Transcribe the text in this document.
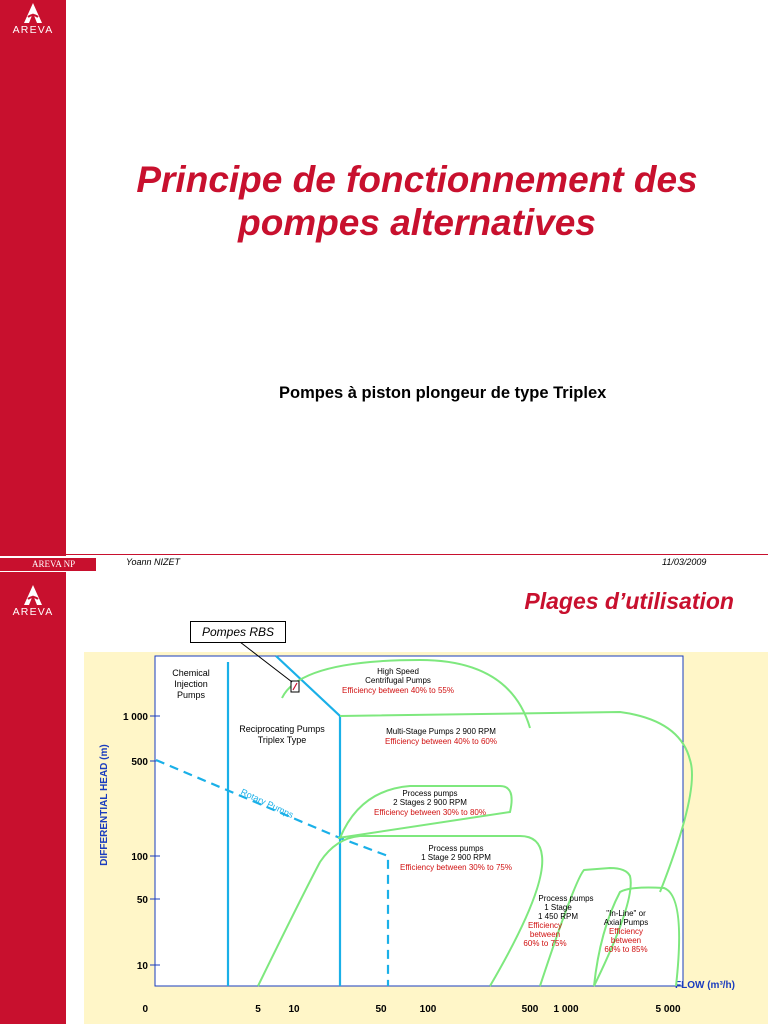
AREVA
Principe de fonctionnement des pompes alternatives
Pompes à piston plongeur de type Triplex
AREVA NP	Yoann NIZET	11/03/2009
AREVA	Plages d’utilisation
1 000
500
100
50
10
0
DIFFERENTIAL HEAD (m)
5	10	50	100	500 1 000	5 000
FLOW (m³/h)
Rotary Pumps
Chemical Injection Pumps
Reciprocating Pumps Triplex Type
High Speed Centrifugal Pumps
Efficiency between 40% to 55%
Multi-Stage Pumps 2 900 RPM
Efficiency between 40% to 60%
Process pumps 2 Stages 2 900 RPM
Efficiency between 30% to 80%
Process pumps 1 Stage 2 900 RPM
Efficiency between 30% to 75%
Process pumps 1 Stage 1 450 RPM
Efficiency between 60% to 75%
"In-Line" or Axial Pumps
Efficiency between 60% to 85%
Pompes RBS
